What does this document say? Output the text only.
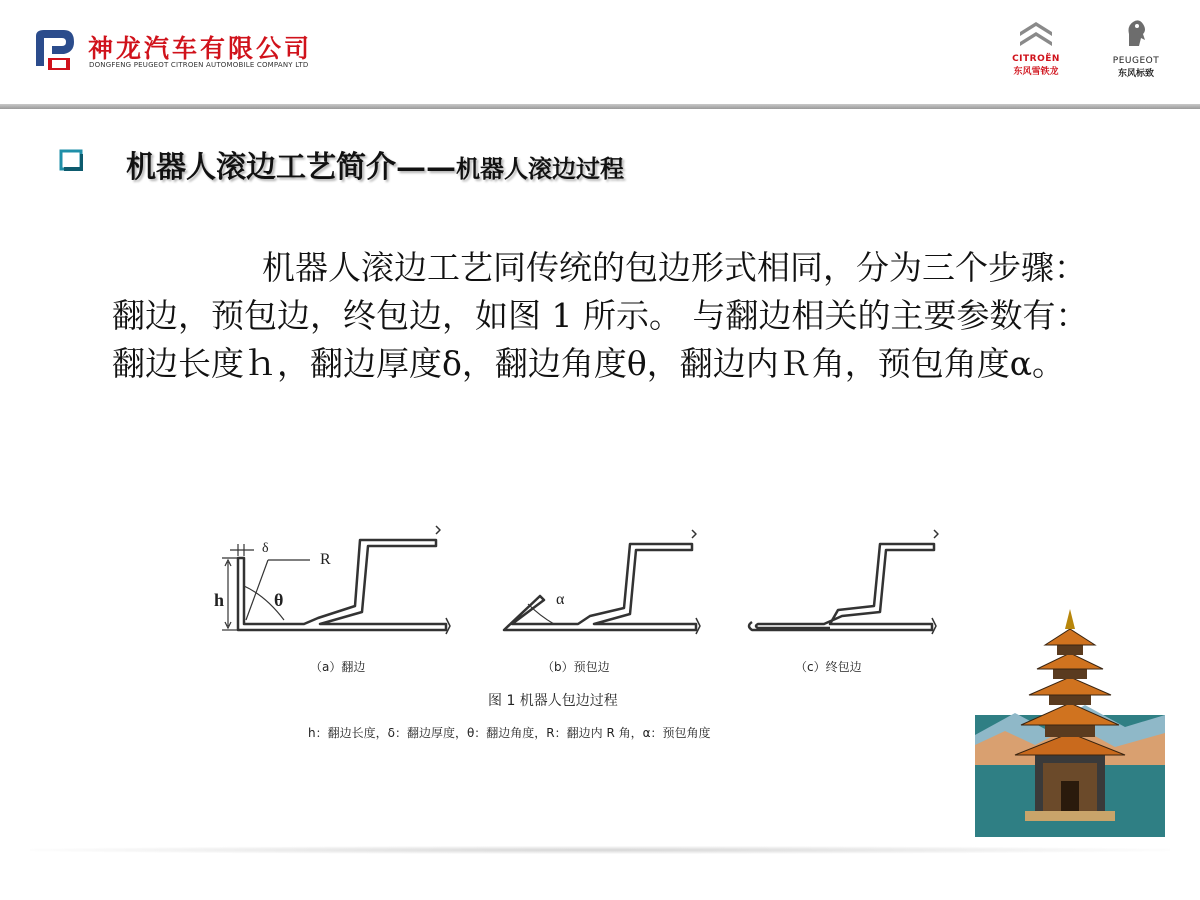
神龙汽车有限公司
DONGFENG PEUGEOT CITROEN AUTOMOBILE COMPANY LTD
CITROËN
东风雪铁龙
PEUGEOT
东风标致
机器人滚边工艺简介——机器人滚边过程
机器人滚边工艺同传统的包边形式相同，分为三个步骤：翻边，预包边，终包边，如图 1 所示。 与翻边相关的主要参数有：翻边长度ｈ，翻边厚度δ，翻边角度θ，翻边内Ｒ角，预包角度α。
δ
R
h	θ	α
（a）翻边	（b）预包边	（c）终包边
图 1 机器人包边过程
h：翻边长度，δ：翻边厚度，θ：翻边角度，R：翻边内 R 角，α：预包角度
